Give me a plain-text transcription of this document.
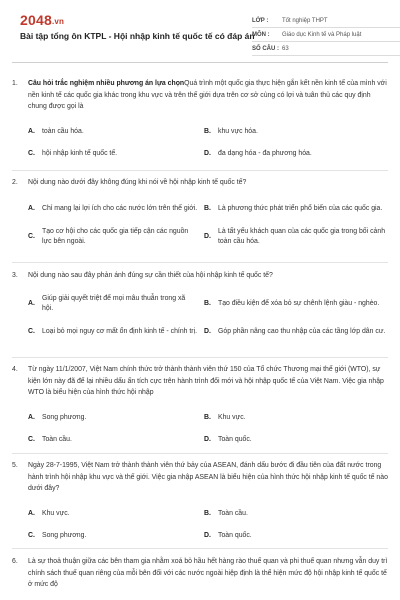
2048.vn
Bài tập tổng ôn KTPL - Hội nhập kinh tế quốc tế có đáp án
LỚP :	Tốt nghiệp THPT
MÔN :	Giáo dục Kinh tế và Pháp luật
SỐ CÂU : 63
1.	Câu hỏi trắc nghiệm nhiều phương án lựa chọnQuá trình một quốc gia thực hiện gắn kết nền kinh tế của mình với nền kinh tế các quốc gia khác trong khu vực và trên thế giới dựa trên cơ sở cùng có lợi và tuân thủ các quy định chung được gọi là
A.	toàn cầu hóa.	B.	khu vực hóa.
C.	hội nhập kinh tế quốc tế.	D.	đa dạng hóa - đa phương hóa.
2.	Nội dung nào dưới đây không đúng khi nói về hội nhập kinh tế quốc tế?
A.	Chỉ mang lại lợi ích cho các nước lớn trên thế giới. B.	Là phương thức phát triển phổ biến của các quốc gia.
C.
Tạo cơ hội cho các quốc gia tiếp cận các nguồn lực bên ngoài.
D.
Là tất yếu khách quan của các quốc gia trong bối cảnh toàn cầu hóa.
3.	Nội dung nào sau đây phản ánh đúng sự cần thiết của hội nhập kinh tế quốc tế?
A.
Giúp giải quyết triệt để mọi mâu thuẫn trong xã hội.
B.	Tạo điều kiện để xóa bỏ sự chênh lệnh giàu - nghèo.
C.	Loại bỏ mọi nguy cơ mất ổn định kinh tế - chính trị. D.	Góp phần nâng cao thu nhập của các tầng lớp dân cư.
4.	Từ ngày 11/1/2007, Việt Nam chính thức trở thành thành viên thứ 150 của Tổ chức Thương mại thế giới (WTO), sự kiện lớn này đã để lại nhiều dấu ấn tích cực trên hành trình đổi mới và hội nhập quốc tế của Việt Nam. Việc gia nhập WTO là biểu hiện của hình thức hội nhập
A.	Song phương.	B.	Khu vực.
C.	Toàn cầu.	D.	Toàn quốc.
5.	Ngày 28-7-1995, Việt Nam trở thành thành viên thứ bảy của ASEAN, đánh dấu bước đi đầu tiên của đất nước trong hành trình hội nhập khu vực và thế giới. Việc gia nhập ASEAN là biểu hiện của hình thức hội nhập kinh tế quốc tế nào dưới đây?
A.	Khu vực.	B.	Toàn cầu.
C.	Song phương.	D.	Toàn quốc.
6.	Là sự thoả thuận giữa các bên tham gia nhằm xoá bỏ hầu hết hàng rào thuế quan và phi thuế quan nhưng vẫn duy trì chính sách thuế quan riêng của mỗi bên đối với các nước ngoài hiệp định là thể hiện mức độ hội nhập kinh tế quốc tế ở mức độ
